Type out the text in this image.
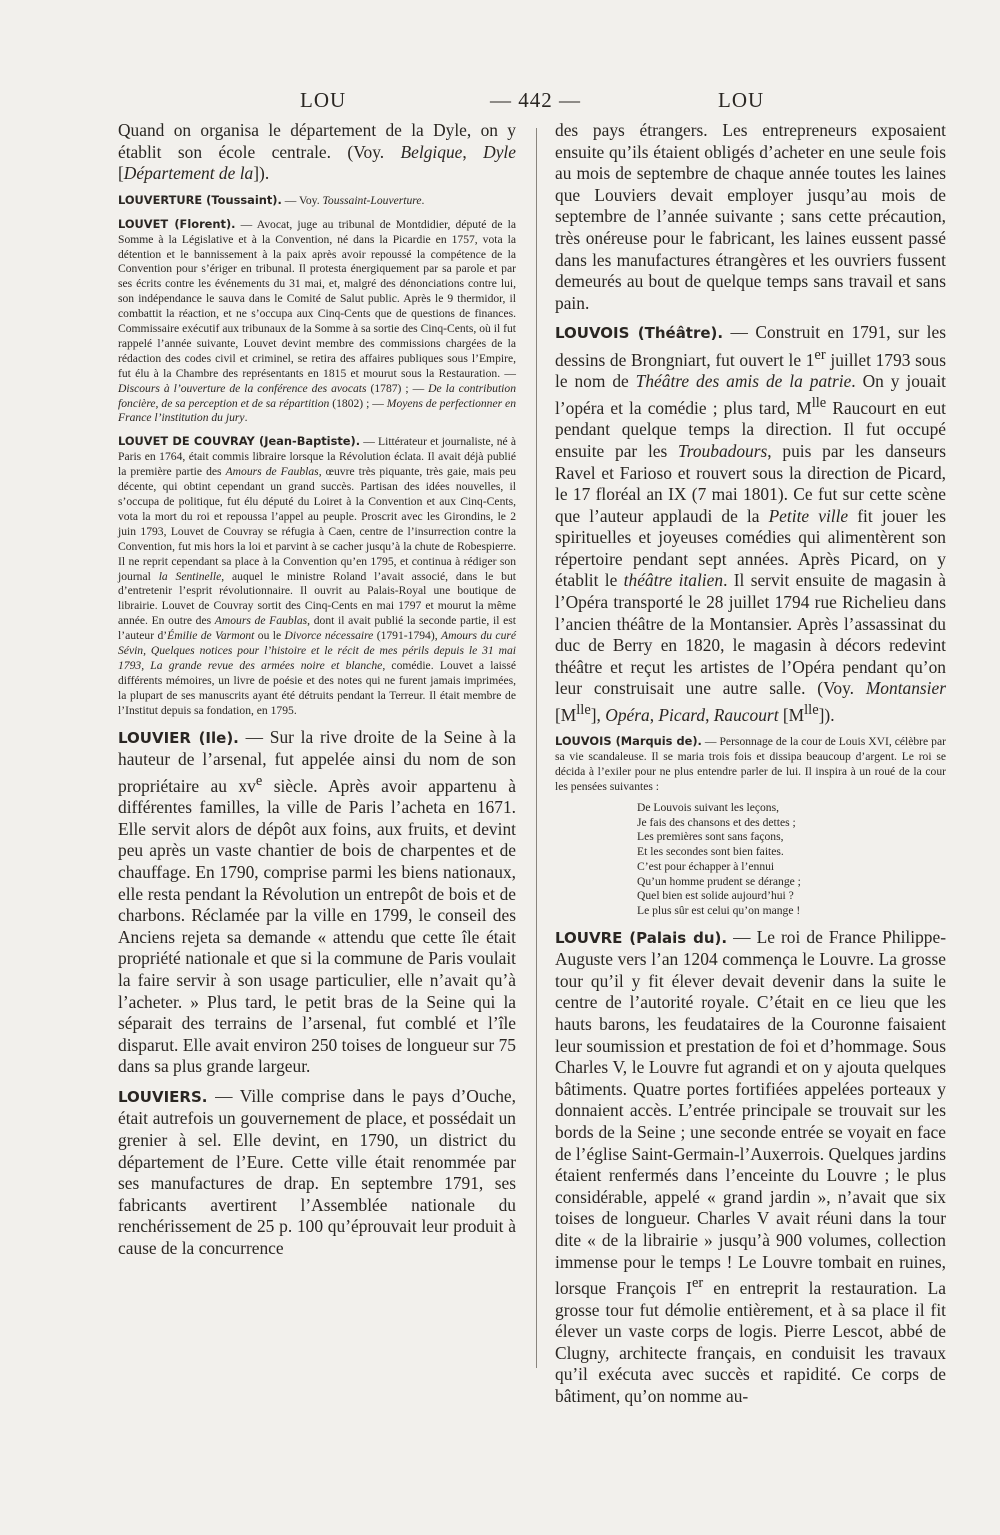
LOU	— 442 —	LOU

Quand on organisa le département de la Dyle, on y établit son école centrale. (Voy. Belgique, Dyle [Département de la]).

LOUVERTURE (Toussaint). — Voy. Toussaint-Louverture.

LOUVET (Florent). — Avocat, juge au tribunal de Montdidier, député de la Somme à la Législative et à la Convention, né dans la Picardie en 1757, vota la détention et le bannissement à la paix après avoir repoussé la compétence de la Convention pour s’ériger en tribunal. Il protesta énergiquement par sa parole et par ses écrits contre les événements du 31 mai, et, malgré des dénonciations contre lui, son indépendance le sauva dans le Comité de Salut public. Après le 9 thermidor, il combattit la réaction, et ne s’occupa aux Cinq-Cents que de questions de finances. Commissaire exécutif aux tribunaux de la Somme à sa sortie des Cinq-Cents, où il fut rappelé l’année suivante, Louvet devint membre des commissions chargées de la rédaction des codes civil et criminel, se retira des affaires publiques sous l’Empire, fut élu à la Chambre des représentants en 1815 et mourut sous la Restauration. — Discours à l’ouverture de la conférence des avocats (1787) ; — De la contribution foncière, de sa perception et de sa répartition (1802) ; — Moyens de perfectionner en France l’institution du jury.

LOUVET DE COUVRAY (Jean-Baptiste). — Littérateur et journaliste, né à Paris en 1764, était commis libraire lorsque la Révolution éclata. Il avait déjà publié la première partie des Amours de Faublas, œuvre très piquante, très gaie, mais peu décente, qui obtint cependant un grand succès. Partisan des idées nouvelles, il s’occupa de politique, fut élu député du Loiret à la Convention et aux Cinq-Cents, vota la mort du roi et repoussa l’appel au peuple. Proscrit avec les Girondins, le 2 juin 1793, Louvet de Couvray se réfugia à Caen, centre de l’insurrection contre la Convention, fut mis hors la loi et parvint à se cacher jusqu’à la chute de Robespierre. Il ne reprit cependant sa place à la Convention qu’en 1795, et continua à rédiger son journal la Sentinelle, auquel le ministre Roland l’avait associé, dans le but d’entretenir l’esprit révolutionnaire. Il ouvrit au Palais-Royal une boutique de librairie. Louvet de Couvray sortit des Cinq-Cents en mai 1797 et mourut la même année. En outre des Amours de Faublas, dont il avait publié la seconde partie, il est l’auteur d’Émilie de Varmont ou le Divorce nécessaire (1791-1794), Amours du curé Sévin, Quelques notices pour l’histoire et le récit de mes périls depuis le 31 mai 1793, La grande revue des armées noire et blanche, comédie. Louvet a laissé différents mémoires, un livre de poésie et des notes qui ne furent jamais imprimées, la plupart de ses manuscrits ayant été détruits pendant la Terreur. Il était membre de l’Institut depuis sa fondation, en 1795.

LOUVIER (Ile). — Sur la rive droite de la Seine à la hauteur de l’arsenal, fut appelée ainsi du nom de son propriétaire au $xv^e$ siècle. Après avoir appartenu à différentes familles, la ville de Paris l’acheta en 1671. Elle servit alors de dépôt aux foins, aux fruits, et devint peu après un vaste chantier de bois de charpentes et de chauffage. En 1790, comprise parmi les biens nationaux, elle resta pendant la Révolution un entrepôt de bois et de charbons. Réclamée par la ville en 1799, le conseil des Anciens rejeta sa demande « attendu que cette île était propriété nationale et que si la commune de Paris voulait la faire servir à son usage particulier, elle n’avait qu’à l’acheter. » Plus tard, le petit bras de la Seine qui la séparait des terrains de l’arsenal, fut comblé et l’île disparut. Elle avait environ 250 toises de longueur sur 75 dans sa plus grande largeur.

LOUVIERS. — Ville comprise dans le pays d’Ouche, était autrefois un gouvernement de place, et possédait un grenier à sel. Elle devint, en 1790, un district du département de l’Eure. Cette ville était renommée par ses manufactures de drap. En septembre 1791, ses fabricants avertirent l’Assemblée nationale du renchérissement de 25 p. 100 qu’éprouvait leur produit à cause de la concurrence

des pays étrangers. Les entrepreneurs exposaient ensuite qu’ils étaient obligés d’acheter en une seule fois au mois de septembre de chaque année toutes les laines que Louviers devait employer jusqu’au mois de septembre de l’année suivante ; sans cette précaution, très onéreuse pour le fabricant, les laines eussent passé dans les manufactures étrangères et les ouvriers fussent demeurés au bout de quelque temps sans travail et sans pain.

LOUVOIS (Théâtre). — Construit en 1791, sur les dessins de Brongniart, fut ouvert le 1er juillet 1793 sous le nom de Théâtre des amis de la patrie. On y jouait l’opéra et la comédie ; plus tard, $M^{lle}$ Raucourt en eut pendant quelque temps la direction. Il fut occupé ensuite par les Troubadours, puis par les danseurs Ravel et Farioso et rouvert sous la direction de Picard, le 17 floréal an IX (7 mai 1801). Ce fut sur cette scène que l’auteur applaudi de la Petite ville fit jouer les spirituelles et joyeuses comédies qui alimentèrent son répertoire pendant sept années. Après Picard, on y établit le théâtre italien. Il servit ensuite de magasin à l’Opéra transporté le 28 juillet 1794 rue Richelieu dans l’ancien théâtre de la Montansier. Après l’assassinat du duc de Berry en 1820, le magasin à décors redevint théâtre et reçut les artistes de l’Opéra pendant qu’on leur construisait une autre salle. (Voy. Montansier $[M^{lle}]$, Opéra, Picard, Raucourt $[M^{lle}]$).

LOUVOIS (Marquis de). — Personnage de la cour de Louis XVI, célèbre par sa vie scandaleuse. Il se maria trois fois et dissipa beaucoup d’argent. Le roi se décida à l’exiler pour ne plus entendre parler de lui. Il inspira à un roué de la cour les pensées suivantes :

De Louvois suivant les leçons,
Je fais des chansons et des dettes ;
Les premières sont sans façons,
Et les secondes sont bien faites.
C’est pour échapper à l’ennui
Qu’un homme prudent se dérange ;
Quel bien est solide aujourd’hui ?
Le plus sûr est celui qu’on mange !

LOUVRE (Palais du). — Le roi de France Philippe-Auguste vers l’an 1204 commença le Louvre. La grosse tour qu’il y fit élever devait devenir dans la suite le centre de l’autorité royale. C’était en ce lieu que les hauts barons, les feudataires de la Couronne faisaient leur soumission et prestation de foi et d’hommage. Sous Charles V, le Louvre fut agrandi et on y ajouta quelques bâtiments. Quatre portes fortifiées appelées porteaux y donnaient accès. L’entrée principale se trouvait sur les bords de la Seine ; une seconde entrée se voyait en face de l’église Saint-Germain-l’Auxerrois. Quelques jardins étaient renfermés dans l’enceinte du Louvre ; le plus considérable, appelé « grand jardin », n’avait que six toises de longueur. Charles V avait réuni dans la tour dite « de la librairie » jusqu’à 900 volumes, collection immense pour le temps ! Le Louvre tombait en ruines, lorsque François Ier en entreprit la restauration. La grosse tour fut démolie entièrement, et à sa place il fit élever un vaste corps de logis. Pierre Lescot, abbé de Clugny, architecte français, en conduisit les travaux qu’il exécuta avec succès et rapidité. Ce corps de bâtiment, qu’on nomme au-
